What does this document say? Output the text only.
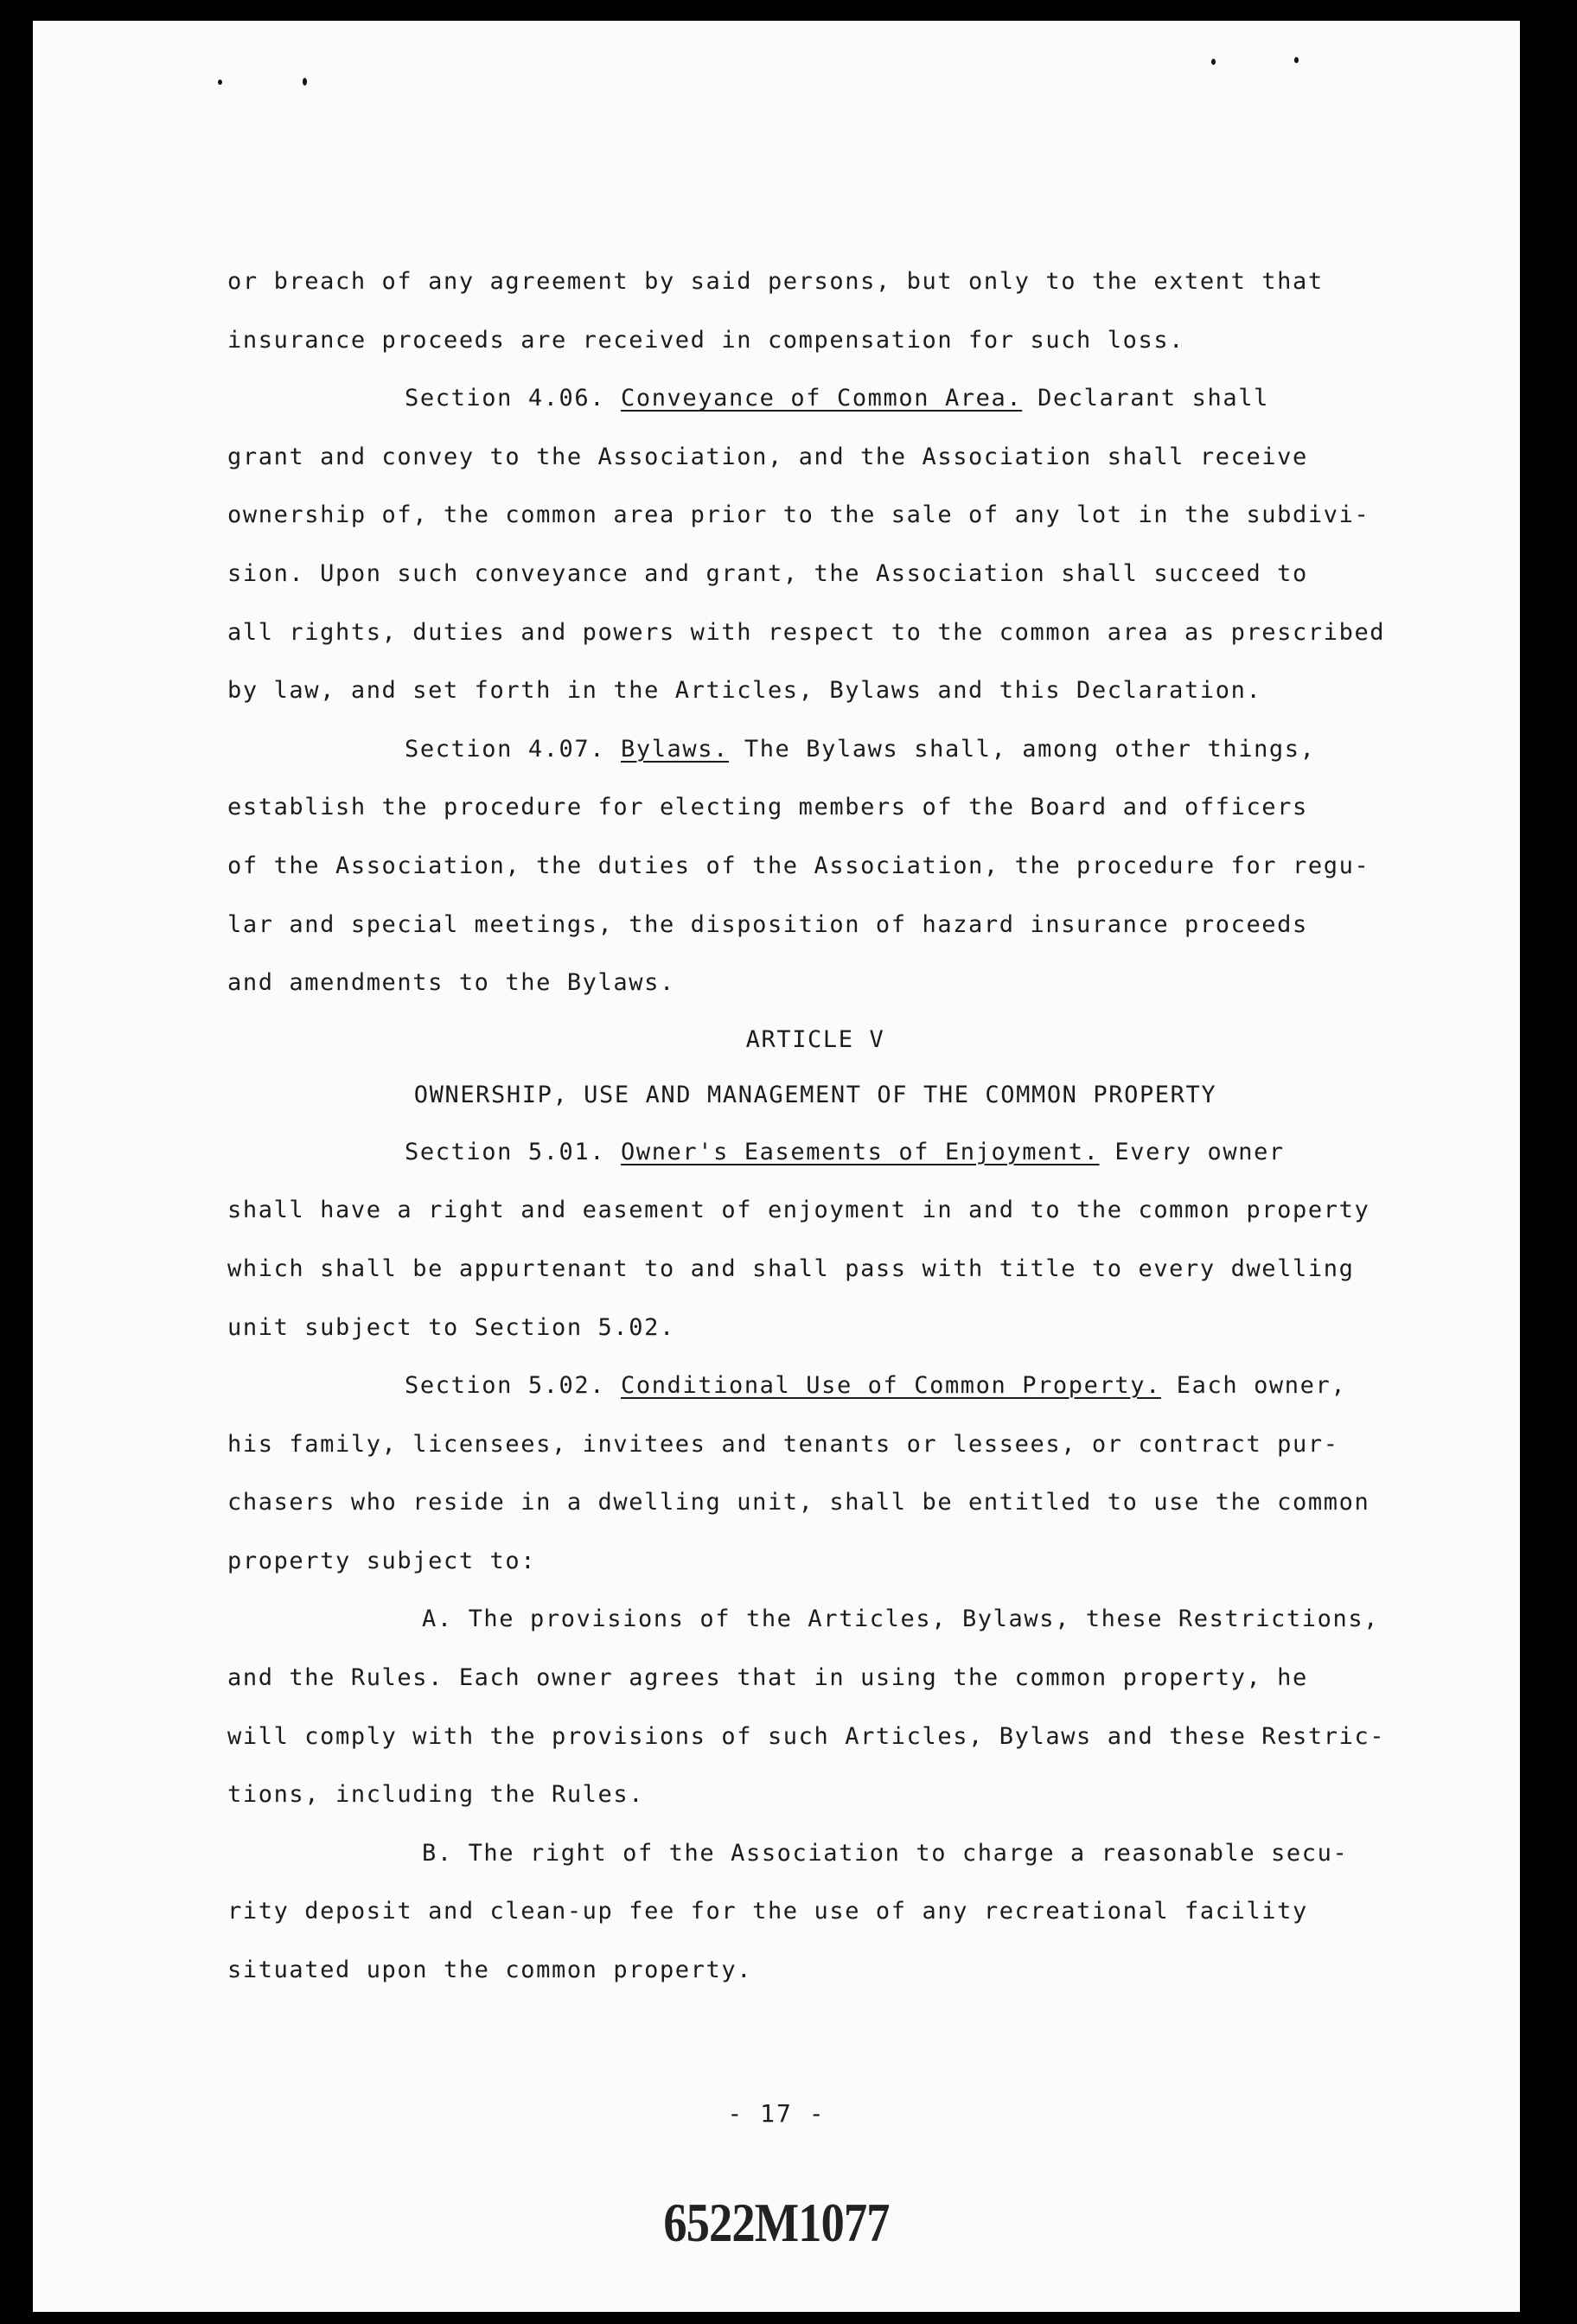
or breach of any agreement by said persons, but only to the extent that
insurance proceeds are received in compensation for such loss.
Section 4.06. Conveyance of Common Area. Declarant shall
grant and convey to the Association, and the Association shall receive
ownership of, the common area prior to the sale of any lot in the subdivi-
sion. Upon such conveyance and grant, the Association shall succeed to
all rights, duties and powers with respect to the common area as prescribed
by law, and set forth in the Articles, Bylaws and this Declaration.
Section 4.07. Bylaws. The Bylaws shall, among other things,
establish the procedure for electing members of the Board and officers
of the Association, the duties of the Association, the procedure for regu-
lar and special meetings, the disposition of hazard insurance proceeds
and amendments to the Bylaws.
ARTICLE V
OWNERSHIP, USE AND MANAGEMENT OF THE COMMON PROPERTY
Section 5.01. Owner's Easements of Enjoyment. Every owner
shall have a right and easement of enjoyment in and to the common property
which shall be appurtenant to and shall pass with title to every dwelling
unit subject to Section 5.02.
Section 5.02. Conditional Use of Common Property. Each owner,
his family, licensees, invitees and tenants or lessees, or contract pur-
chasers who reside in a dwelling unit, shall be entitled to use the common
property subject to:
A. The provisions of the Articles, Bylaws, these Restrictions,
and the Rules. Each owner agrees that in using the common property, he
will comply with the provisions of such Articles, Bylaws and these Restric-
tions, including the Rules.
B. The right of the Association to charge a reasonable secu-
rity deposit and clean-up fee for the use of any recreational facility
situated upon the common property.
- 17 -
6522M1077
